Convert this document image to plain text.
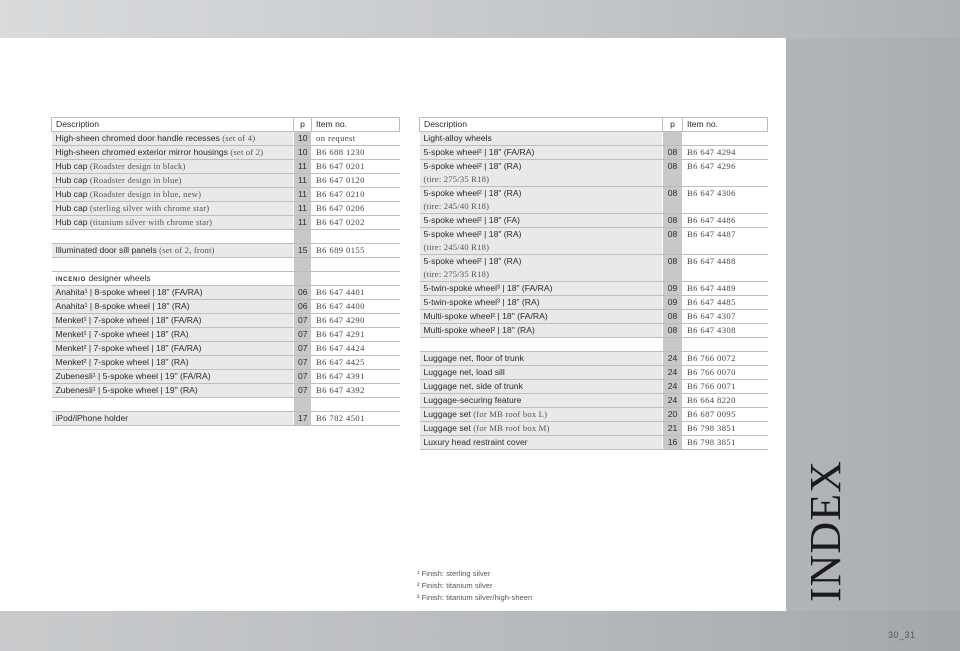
Description	p	Item no.
High-sheen chromed door handle recesses (set of 4)	10	on request
High-sheen chromed exterior mirror housings (set of 2)	10	B6 688 1230
Hub cap (Roadster design in black)	11	B6 647 0201
Hub cap (Roadster design in blue)	11	B6 647 0120
Hub cap (Roadster design in blue, new)	11	B6 647 0210
Hub cap (sterling silver with chrome star)	11	B6 647 0206
Hub cap (titanium silver with chrome star)	11	B6 647 0202

Illuminated door sill panels (set of 2, front)	15	B6 689 0155

incenio designer wheels		
Anahita¹ | 8-spoke wheel | 18" (FA/RA)	06	B6 647 4401
Anahita¹ | 8-spoke wheel | 18" (RA)	06	B6 647 4400
Menket¹ | 7-spoke wheel | 18" (FA/RA)	07	B6 647 4290
Menket¹ | 7-spoke wheel | 18" (RA)	07	B6 647 4291
Menket² | 7-spoke wheel | 18" (FA/RA)	07	B6 647 4424
Menket² | 7-spoke wheel | 18" (RA)	07	B6 647 4425
Zubenesli¹ | 5-spoke wheel | 19" (FA/RA)	07	B6 647 4391
Zubenesli¹ | 5-spoke wheel | 19" (RA)	07	B6 647 4392

iPod/iPhone holder	17	B6 782 4501
Description	p	Item no.
Light-alloy wheels		
5-spoke wheel² | 18" (FA/RA)	08	B6 647 4294
5-spoke wheel² | 18" (RA)
(tire: 275/35 R18)	08	B6 647 4296
5-spoke wheel² | 18" (RA)
(tire: 245/40 R18)	08	B6 647 4306
5-spoke wheel² | 18" (FA)	08	B6 647 4486
5-spoke wheel² | 18" (RA)
(tire: 245/40 R18)	08	B6 647 4487
5-spoke wheel² | 18" (RA)
(tire: 275/35 R18)	08	B6 647 4488
5-twin-spoke wheel³ | 18" (FA/RA)	09	B6 647 4489
5-twin-spoke wheel³ | 18" (RA)	09	B6 647 4485
Multi-spoke wheel² | 18" (FA/RA)	08	B6 647 4307
Multi-spoke wheel² | 18" (RA)	08	B6 647 4308

Luggage net, floor of trunk	24	B6 766 0072
Luggage net, load sill	24	B6 766 0070
Luggage net, side of trunk	24	B6 766 0071
Luggage-securing feature	24	B6 664 8220
Luggage set (for MB roof box L)	20	B6 687 0095
Luggage set (for MB roof box M)	21	B6 798 3851
Luxury head restraint cover	16	B6 798 3851
¹ Finish: sterling silver
² Finish: titanium silver
³ Finish: titanium silver/high-sheen	INDEX
30_31
